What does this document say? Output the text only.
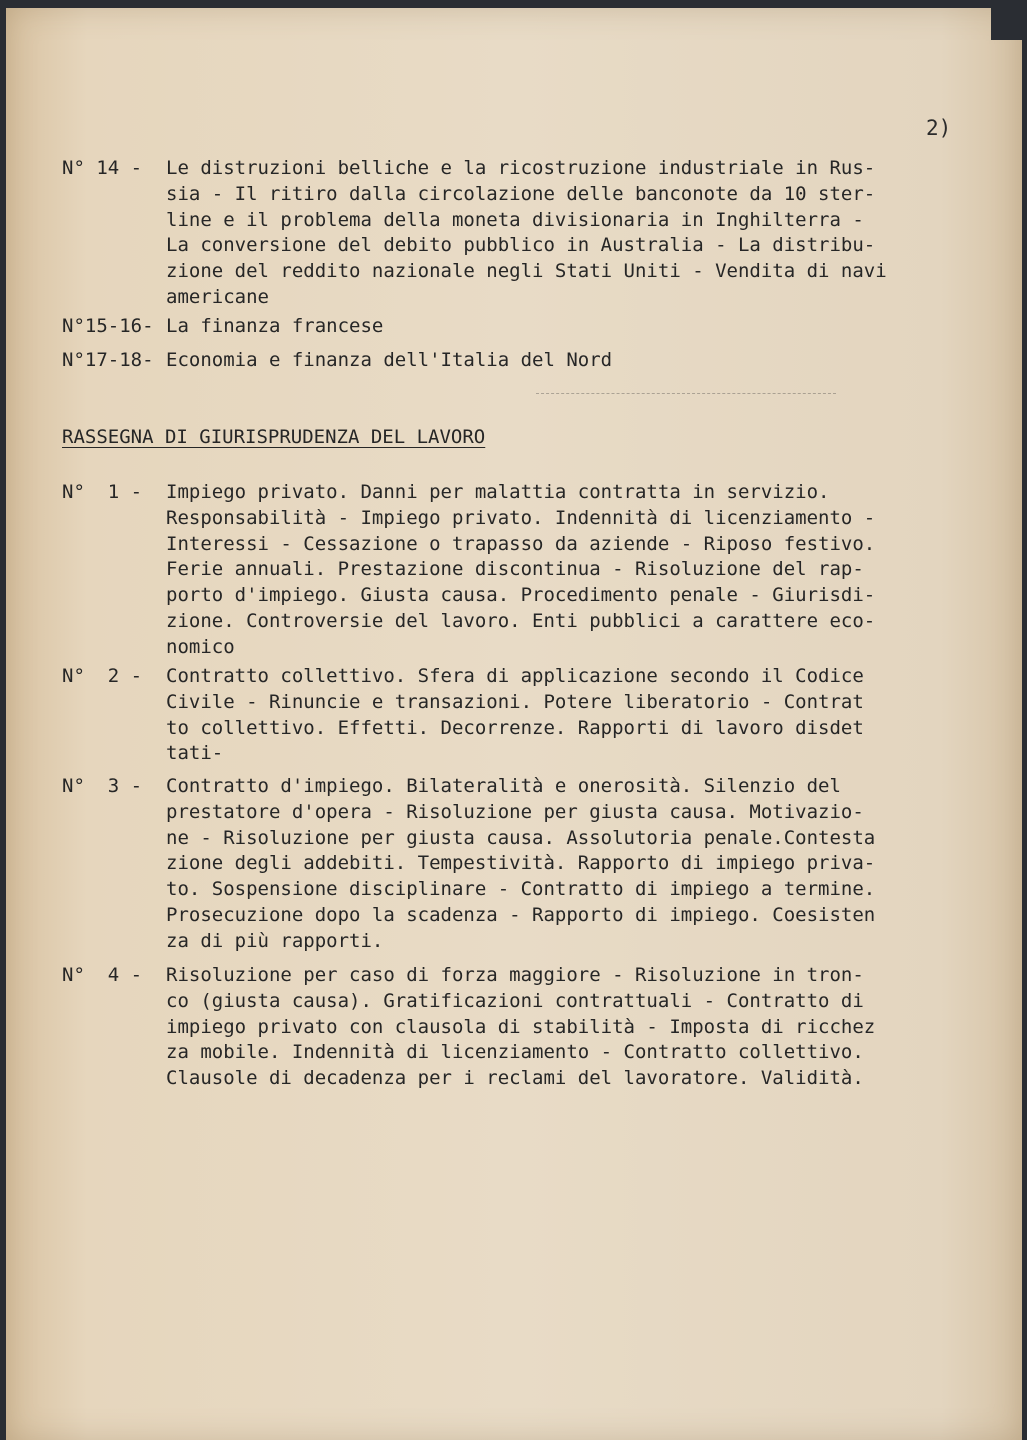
2)
N° 14 -	Le distruzioni belliche e la ricostruzione industriale in Rus-
sia - Il ritiro dalla circolazione delle banconote da 10 ster-
line e il problema della moneta divisionaria in Inghilterra -
La conversione del debito pubblico in Australia - La distribu-
zione del reddito nazionale negli Stati Uniti - Vendita di navi
americane
N°15-16- La finanza francese
N°17-18- Economia e finanza dell'Italia del Nord
RASSEGNA DI GIURISPRUDENZA DEL LAVORO
N°  1 -	Impiego privato. Danni per malattia contratta in servizio.
Responsabilità - Impiego privato. Indennità di licenziamento -
Interessi - Cessazione o trapasso da aziende - Riposo festivo.
Ferie annuali. Prestazione discontinua - Risoluzione del rap-
porto d'impiego. Giusta causa. Procedimento penale - Giurisdi-
zione. Controversie del lavoro. Enti pubblici a carattere eco-
nomico
N°  2 -	Contratto collettivo. Sfera di applicazione secondo il Codice
Civile - Rinuncie e transazioni. Potere liberatorio - Contrat
to collettivo. Effetti. Decorrenze. Rapporti di lavoro disdet
tati-
N°  3 -	Contratto d'impiego. Bilateralità e onerosità. Silenzio del
prestatore d'opera - Risoluzione per giusta causa. Motivazio-
ne - Risoluzione per giusta causa. Assolutoria penale.Contesta
zione degli addebiti. Tempestività. Rapporto di impiego priva-
to. Sospensione disciplinare - Contratto di impiego a termine.
Prosecuzione dopo la scadenza - Rapporto di impiego. Coesisten
za di più rapporti.
N°  4 -	Risoluzione per caso di forza maggiore - Risoluzione in tron-
co (giusta causa). Gratificazioni contrattuali - Contratto di
impiego privato con clausola di stabilità - Imposta di ricchez
za mobile. Indennità di licenziamento - Contratto collettivo.
Clausole di decadenza per i reclami del lavoratore. Validità.
